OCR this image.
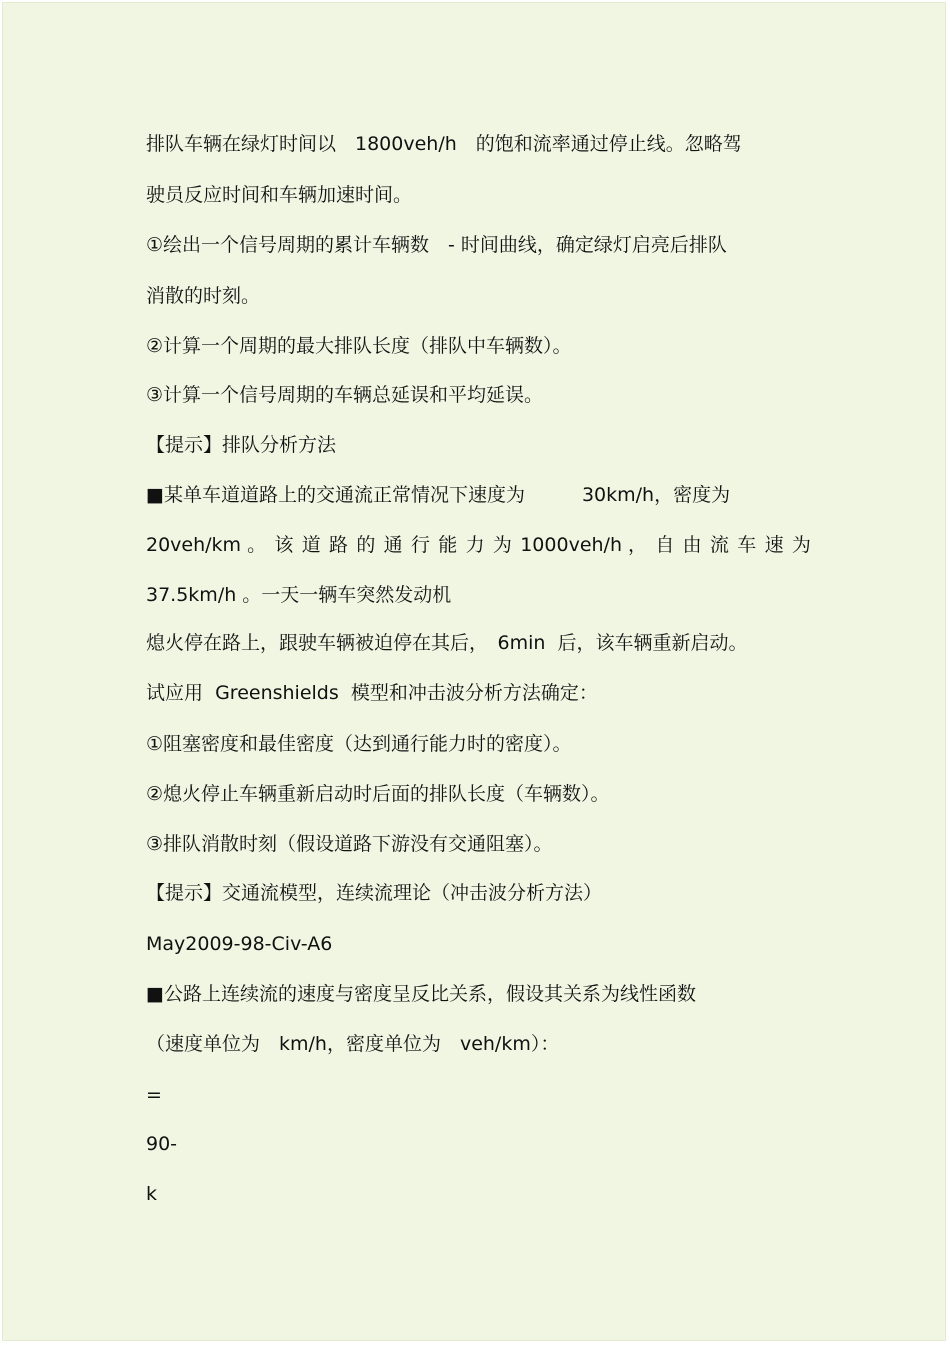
排队车辆在绿灯时间以　1800veh/h　的饱和流率通过停止线。忽略驾
驶员反应时间和车辆加速时间。
①绘出一个信号周期的累计车辆数　- 时间曲线，确定绿灯启亮后排队
消散的时刻。
②计算一个周期的最大排队长度（排队中车辆数）。
③计算一个信号周期的车辆总延误和平均延误。
【提示】排队分析方法
■某单车道道路上的交通流正常情况下速度为　　　30km/h，密度为
20veh/km 。 该 道 路 的 通 行 能 力 为 1000veh/h ， 自 由 流 车 速 为
37.5km/h 。一天一辆车突然发动机
熄火停在路上，跟驶车辆被迫停在其后，　6min  后，该车辆重新启动。
试应用  Greenshields  模型和冲击波分析方法确定：
①阻塞密度和最佳密度（达到通行能力时的密度）。
②熄火停止车辆重新启动时后面的排队长度（车辆数）。
③排队消散时刻（假设道路下游没有交通阻塞）。
【提示】交通流模型，连续流理论（冲击波分析方法）
May2009-98-Civ-A6
■公路上连续流的速度与密度呈反比关系，假设其关系为线性函数
（速度单位为　km/h，密度单位为　veh/km）：
=
90-
k
